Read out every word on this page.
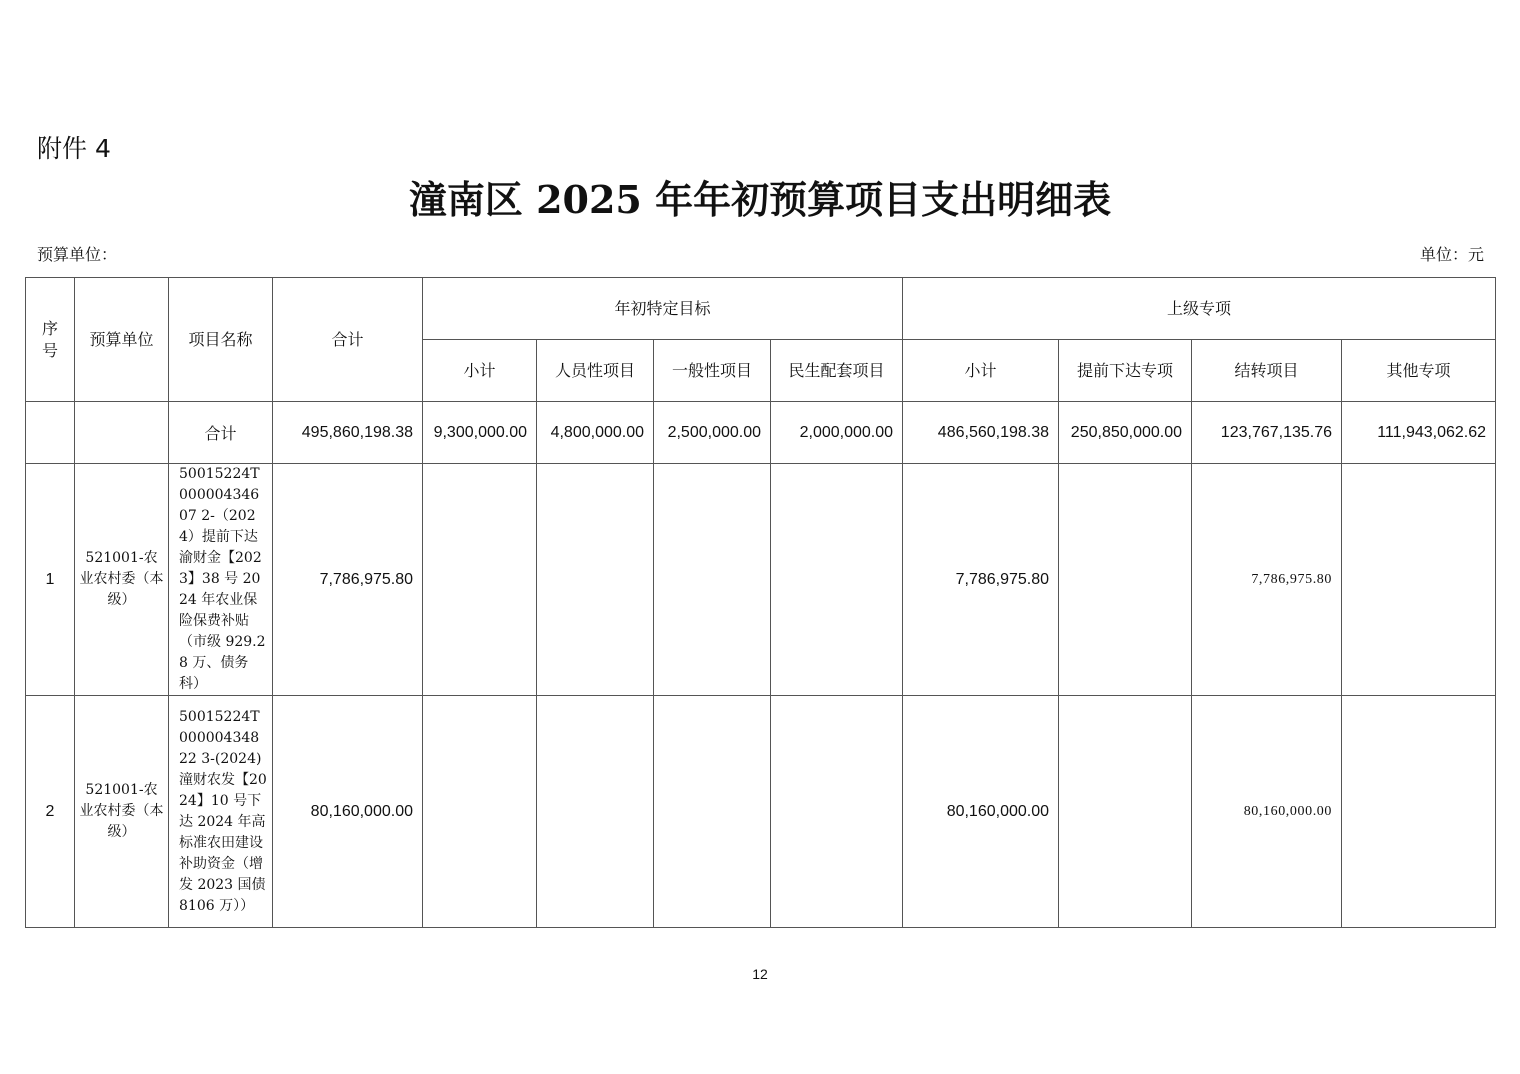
附件 4
潼南区 2025 年年初预算项目支出明细表
预算单位：	单位：元
序号	预算单位	项目名称	合计	年初特定目标				上级专项			
				小计	人员性项目	一般性项目	民生配套项目	小计	提前下达专项	结转项目	其他专项
		合计	495,860,198.38	9,300,000.00	4,800,000.00	2,500,000.00	2,000,000.00	486,560,198.38	250,850,000.00	123,767,135.76	111,943,062.62
1	521001-农业农村委（本级）	50015224T00000434607 2-（2024）提前下达渝财金【2023】38 号 2024 年农业保险保费补贴（市级 929.28 万、债务科）	7,786,975.80					7,786,975.80		7,786,975.80	
2	521001-农业农村委（本级）	50015224T00000434822 3-(2024)潼财农发【2024】10 号下达 2024 年高标准农田建设补助资金（增发 2023 国债 8106 万））	80,160,000.00					80,160,000.00		80,160,000.00	
12
